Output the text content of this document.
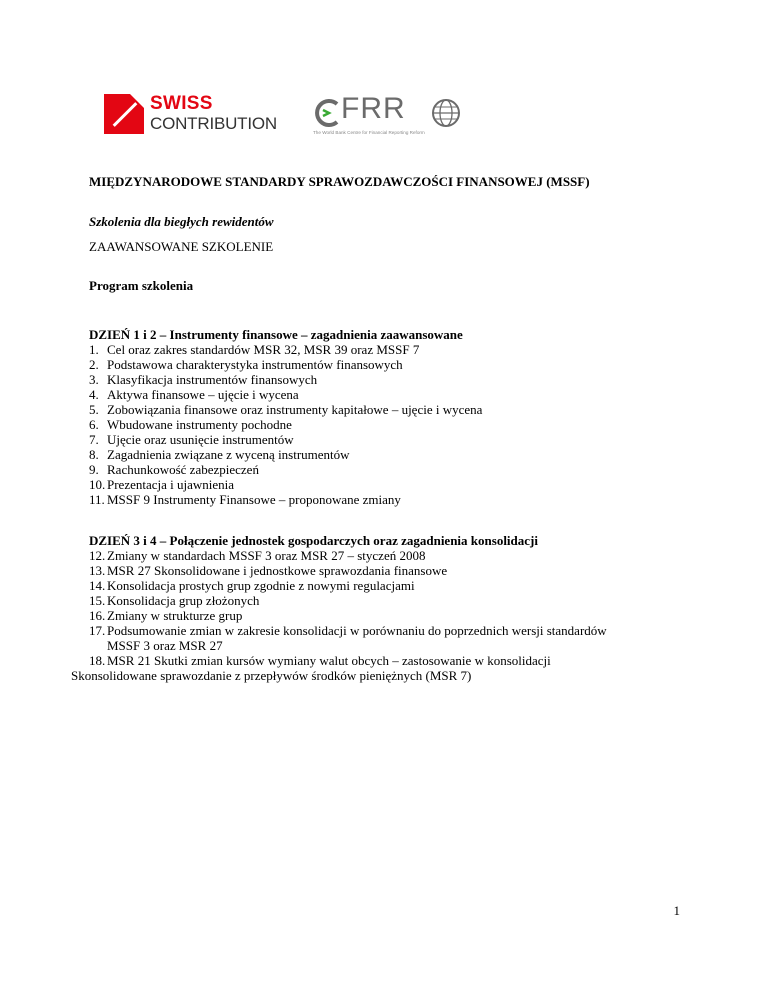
SWISS
CONTRIBUTION FRR
The World Bank Centre for Financial Reporting Reform
MIĘDZYNARODOWE STANDARDY SPRAWOZDAWCZOŚCI FINANSOWEJ (MSSF)
Szkolenia dla biegłych rewidentów
ZAAWANSOWANE SZKOLENIE
Program szkolenia
DZIEŃ 1 i 2 – Instrumenty finansowe – zagadnienia zaawansowane
1. Cel oraz zakres standardów MSR 32, MSR 39 oraz MSSF 7
2. Podstawowa charakterystyka instrumentów finansowych
3. Klasyfikacja instrumentów finansowych
4. Aktywa finansowe – ujęcie i wycena
5. Zobowiązania finansowe oraz instrumenty kapitałowe – ujęcie i wycena
6. Wbudowane instrumenty pochodne
7. Ujęcie oraz usunięcie instrumentów
8. Zagadnienia związane z wyceną instrumentów
9. Rachunkowość zabezpieczeń
10. Prezentacja i ujawnienia
11. MSSF 9 Instrumenty Finansowe – proponowane zmiany
DZIEŃ 3 i 4 – Połączenie jednostek gospodarczych oraz zagadnienia konsolidacji
12. Zmiany w standardach MSSF 3 oraz MSR 27 – styczeń 2008
13. MSR 27 Skonsolidowane i jednostkowe sprawozdania finansowe
14. Konsolidacja prostych grup zgodnie z nowymi regulacjami
15. Konsolidacja grup złożonych
16. Zmiany w strukturze grup
17. Podsumowanie zmian w zakresie konsolidacji w porównaniu do poprzednich wersji standardów
MSSF 3 oraz MSR 27
18. MSR 21 Skutki zmian kursów wymiany walut obcych – zastosowanie w konsolidacji
Skonsolidowane sprawozdanie z przepływów środków pieniężnych (MSR 7)
1
